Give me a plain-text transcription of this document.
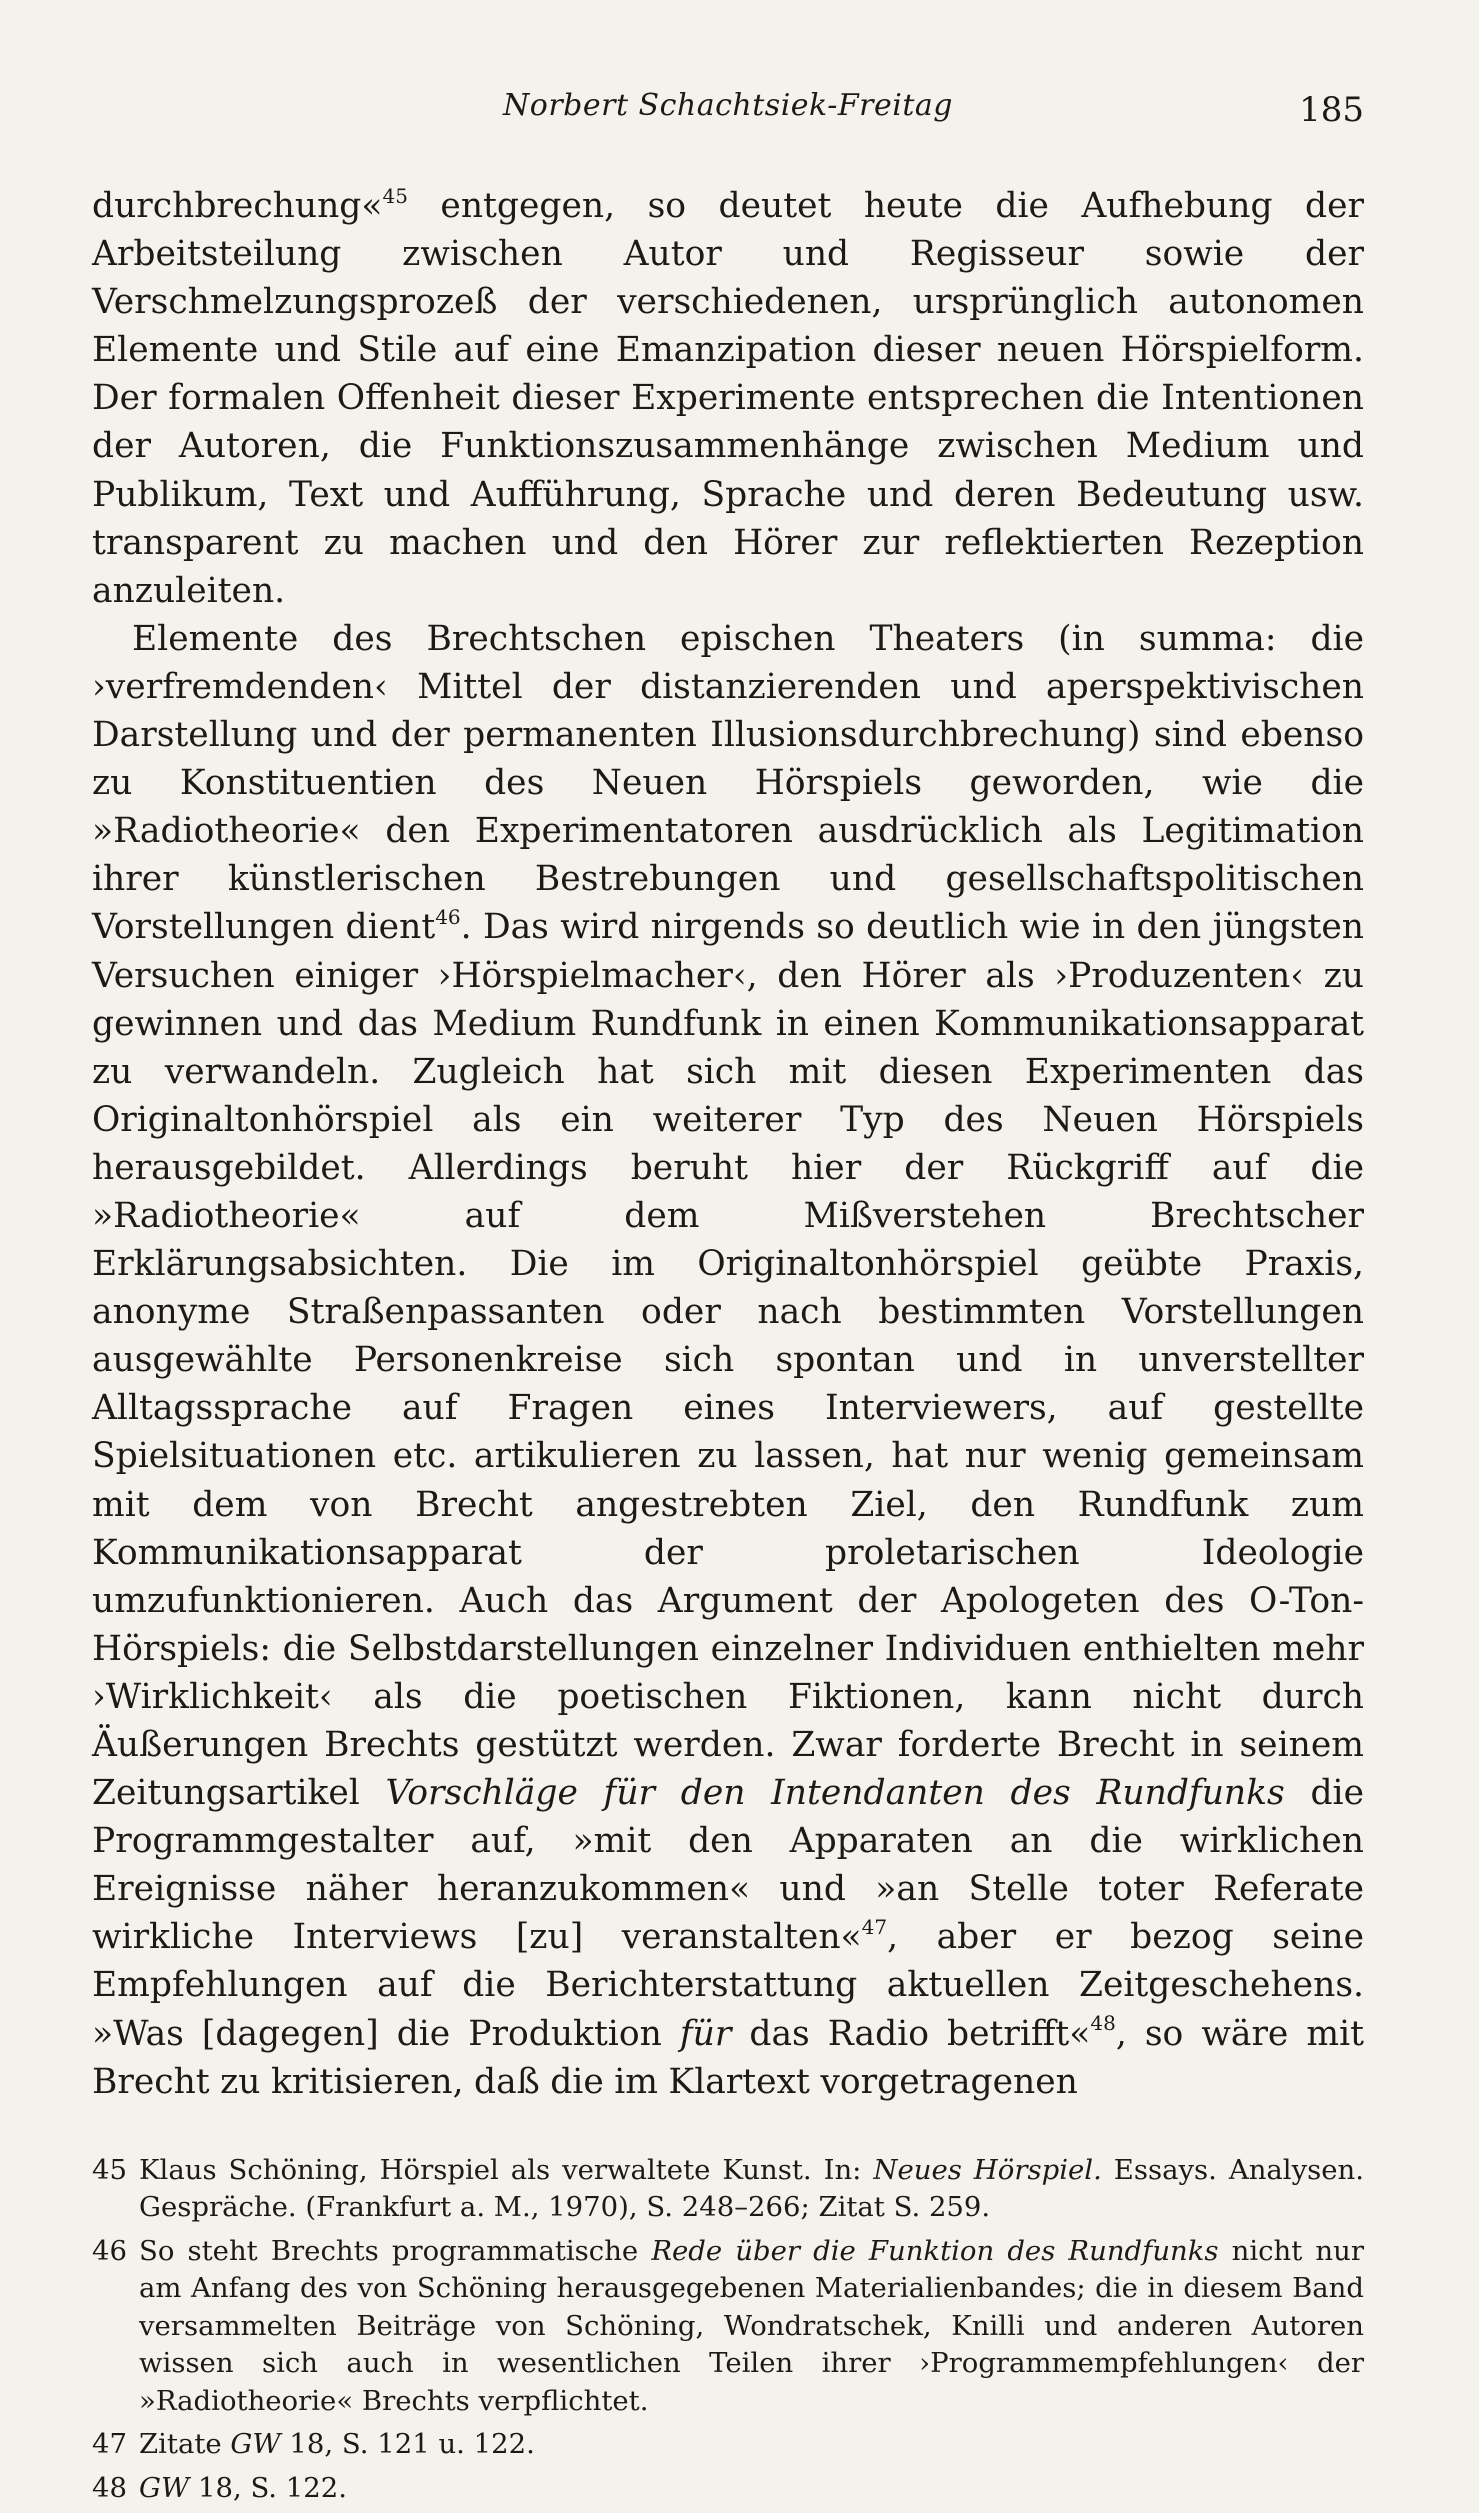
Norbert Schachtsiek-Freitag	185

durchbrechung«$^{45}$ entgegen, so deutet heute die Aufhebung der Arbeitsteilung zwischen Autor und Regisseur sowie der Verschmelzungsprozeß der verschiedenen, ursprünglich autonomen Elemente und Stile auf eine Emanzipation dieser neuen Hörspielform. Der formalen Offenheit dieser Experimente entsprechen die Intentionen der Autoren, die Funktionszusammenhänge zwischen Medium und Publikum, Text und Aufführung, Sprache und deren Bedeutung usw. transparent zu machen und den Hörer zur reflektierten Rezeption anzuleiten.

Elemente des Brechtschen epischen Theaters (in summa: die ›verfremdenden‹ Mittel der distanzierenden und aperspektivischen Darstellung und der permanenten Illusionsdurchbrechung) sind ebenso zu Konstituentien des Neuen Hörspiels geworden, wie die »Radiotheorie« den Experimentatoren ausdrücklich als Legitimation ihrer künstlerischen Bestrebungen und gesellschaftspolitischen Vorstellungen dient$^{46}$. Das wird nirgends so deutlich wie in den jüngsten Versuchen einiger ›Hörspielmacher‹, den Hörer als ›Produzenten‹ zu gewinnen und das Medium Rundfunk in einen Kommunikationsapparat zu verwandeln. Zugleich hat sich mit diesen Experimenten das Originaltonhörspiel als ein weiterer Typ des Neuen Hörspiels herausgebildet. Allerdings beruht hier der Rückgriff auf die »Radiotheorie« auf dem Mißverstehen Brechtscher Erklärungsabsichten. Die im Originaltonhörspiel geübte Praxis, anonyme Straßenpassanten oder nach bestimmten Vorstellungen ausgewählte Personenkreise sich spontan und in unverstellter Alltagssprache auf Fragen eines Interviewers, auf gestellte Spielsituationen etc. artikulieren zu lassen, hat nur wenig gemeinsam mit dem von Brecht angestrebten Ziel, den Rundfunk zum Kommunikationsapparat der proletarischen Ideologie umzufunktionieren. Auch das Argument der Apologeten des O-Ton-Hörspiels: die Selbstdarstellungen einzelner Individuen enthielten mehr ›Wirklichkeit‹ als die poetischen Fiktionen, kann nicht durch Äußerungen Brechts gestützt werden. Zwar forderte Brecht in seinem Zeitungsartikel Vorschläge für den Intendanten des Rundfunks die Programmgestalter auf, »mit den Apparaten an die wirklichen Ereignisse näher heranzukommen« und »an Stelle toter Referate wirkliche Interviews [zu] veranstalten«$^{47}$, aber er bezog seine Empfehlungen auf die Berichterstattung aktuellen Zeitgeschehens. »Was [dagegen] die Produktion für das Radio betrifft«$^{48}$, so wäre mit Brecht zu kritisieren, daß die im Klartext vorgetragenen

45 Klaus Schöning, Hörspiel als verwaltete Kunst. In: Neues Hörspiel. Essays. Analysen. Gespräche. (Frankfurt a. M., 1970), S. 248–266; Zitat S. 259.
46 So steht Brechts programmatische Rede über die Funktion des Rundfunks nicht nur am Anfang des von Schöning herausgegebenen Materialienbandes; die in diesem Band versammelten Beiträge von Schöning, Wondratschek, Knilli und anderen Autoren wissen sich auch in wesentlichen Teilen ihrer ›Programmempfehlungen‹ der »Radiotheorie« Brechts verpflichtet.
47 Zitate GW 18, S. 121 u. 122.
48 GW 18, S. 122.
